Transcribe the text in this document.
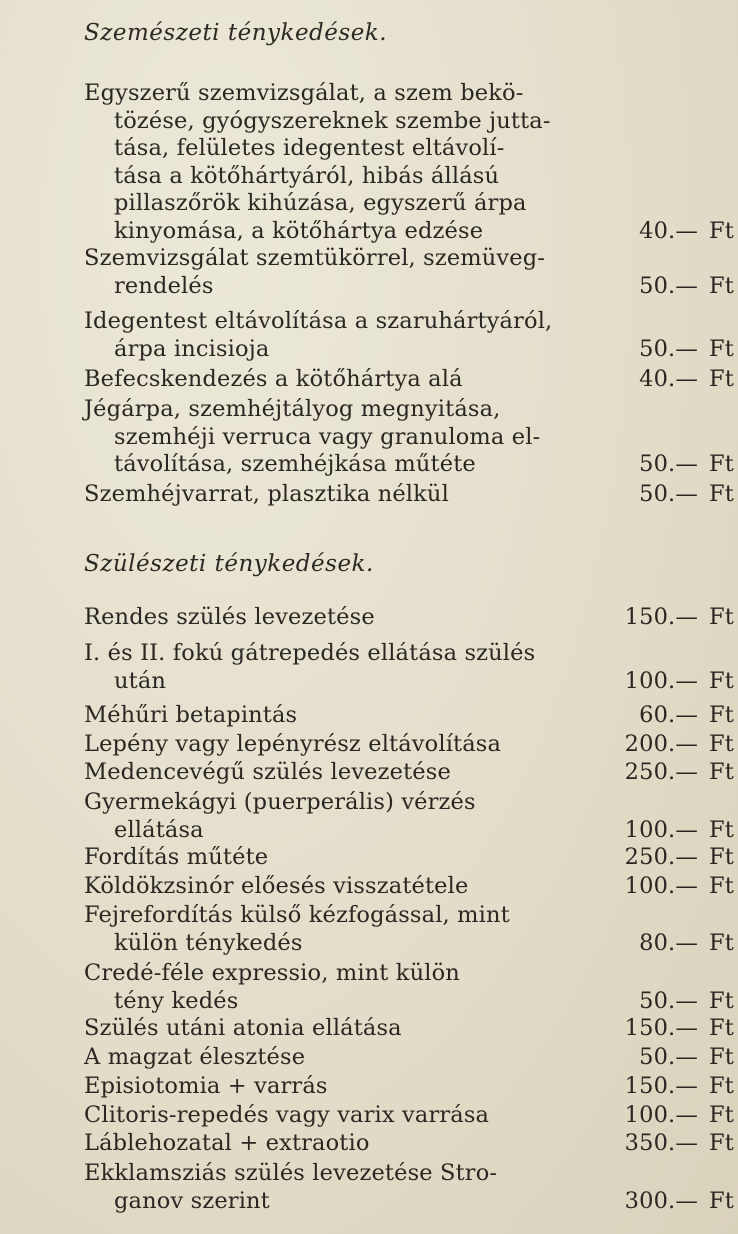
Szemészeti ténykedések.
Egyszerű szemvizsgálat, a szem bekö-
tözése, gyógyszereknek szembe jutta-
tása, felületes idegentest eltávolí-
tása a kötőhártyáról, hibás állású
pillaszőrök kihúzása, egyszerű árpa
kinyomása, a kötőhártya edzése	40.— Ft
Szemvizsgálat szemtükörrel, szemüveg-
rendelés	50.— Ft
Idegentest eltávolítása a szaruhártyáról,
árpa incisioja	50.— Ft
Befecskendezés a kötőhártya alá	40.— Ft
Jégárpa, szemhéjtályog megnyitása,
szemhéji verruca vagy granuloma el-
távolítása, szemhéjkása műtéte	50.— Ft
Szemhéjvarrat, plasztika nélkül	50.— Ft
Szülészeti ténykedések.
Rendes szülés levezetése	150.— Ft
I. és II. fokú gátrepedés ellátása szülés
után	100.— Ft
Méhűri betapintás	60.— Ft
Lepény vagy lepényrész eltávolítása	200.— Ft
Medencevégű szülés levezetése	250.— Ft
Gyermekágyi (puerperális) vérzés
ellátása	100.— Ft
Fordítás műtéte	250.— Ft
Köldökzsinór előesés visszatétele	100.— Ft
Fejrefordítás külső kézfogással, mint
külön ténykedés	80.— Ft
Credé-féle expressio, mint külön
tény kedés	50.— Ft
Szülés utáni atonia ellátása	150.— Ft
A magzat élesztése	50.— Ft
Episiotomia + varrás	150.— Ft
Clitoris-repedés vagy varix varrása	100.— Ft
Láblehozatal + extraotio	350.— Ft
Ekklamsziás szülés levezetése Stro-
ganov szerint	300.— Ft
